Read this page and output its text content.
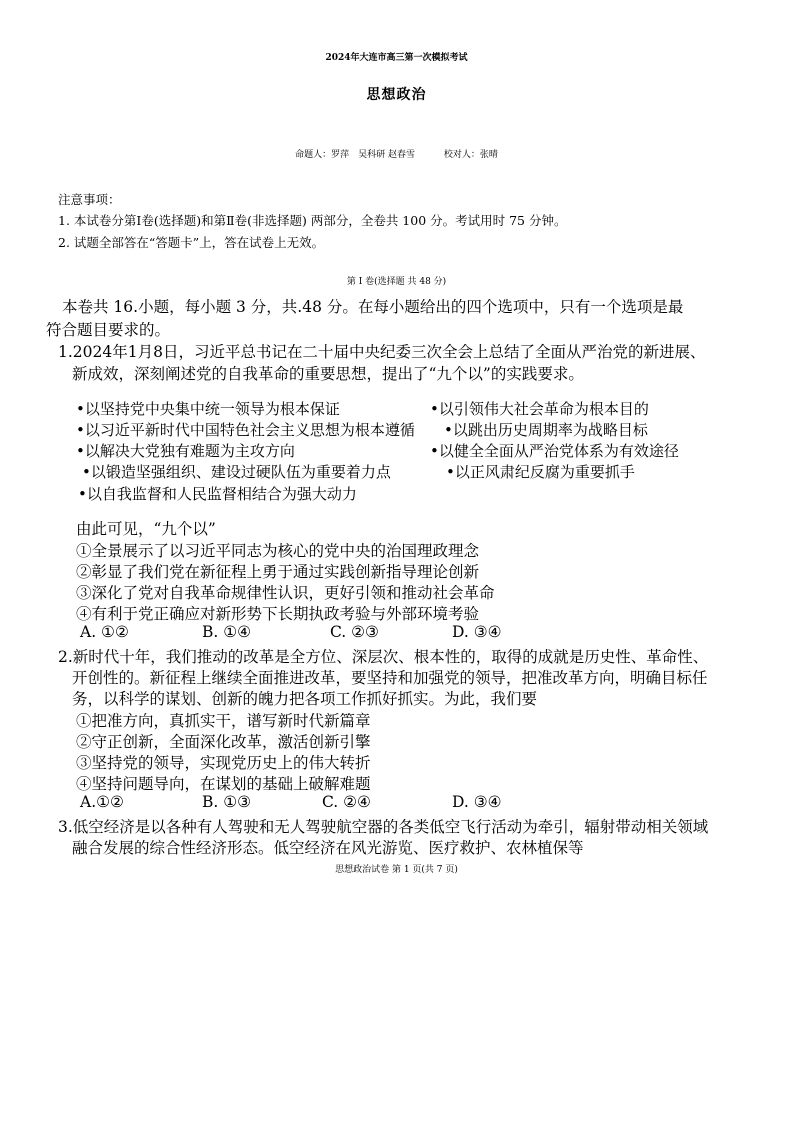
2024年大连市高三第一次模拟考试
思想政治
命题人：罗萍　吴科研 赵春雪	校对人：张晴
注意事项：
1. 本试卷分第Ⅰ卷(选择题)和第Ⅱ卷(非选择题) 两部分，全卷共 100 分。考试用时 75 分钟。
2. 试题全部答在“答题卡”上，答在试卷上无效。
第 Ⅰ 卷(选择题 共 48 分)
本卷共 16.小题，每小题 3 分，共.48 分。在每小题给出的四个选项中，只有一个选项是最
符合题目要求的。
1.2024年1月8日，习近平总书记在二十届中央纪委三次全会上总结了全面从严治党的新进展、
新成效，深刻阐述党的自我革命的重要思想，提出了“九个以”的实践要求。
•以坚持党中央集中统一领导为根本保证	•以引领伟大社会革命为根本目的
•以习近平新时代中国特色社会主义思想为根本遵循 •以跳出历史周期率为战略目标
•以解决大党独有难题为主攻方向	•以健全全面从严治党体系为有效途径
•以锻造坚强组织、建设过硬队伍为重要着力点	•以正风肃纪反腐为重要抓手
•以自我监督和人民监督相结合为强大动力
由此可见，“九个以”
①全景展示了以习近平同志为核心的党中央的治国理政理念
②彰显了我们党在新征程上勇于通过实践创新指导理论创新
③深化了党对自我革命规律性认识，更好引领和推动社会革命
④有利于党正确应对新形势下长期执政考验与外部环境考验
A. ①②	B. ①④	C. ②③	D. ③④
2.新时代十年，我们推动的改革是全方位、深层次、根本性的，取得的成就是历史性、革命性、
开创性的。新征程上继续全面推进改革，要坚持和加强党的领导，把准改革方向，明确目标任
务，以科学的谋划、创新的魄力把各项工作抓好抓实。为此，我们要
①把准方向，真抓实干，谱写新时代新篇章
②守正创新，全面深化改革，激活创新引擎
③坚持党的领导，实现党历史上的伟大转折
④坚持问题导向，在谋划的基础上破解难题
A.①②	B. ①③	C. ②④	D. ③④
3.低空经济是以各种有人驾驶和无人驾驶航空器的各类低空飞行活动为牵引，辐射带动相关领域
融合发展的综合性经济形态。低空经济在风光游览、医疗救护、农林植保等
思想政治试卷 第 1 页(共 7 页)
